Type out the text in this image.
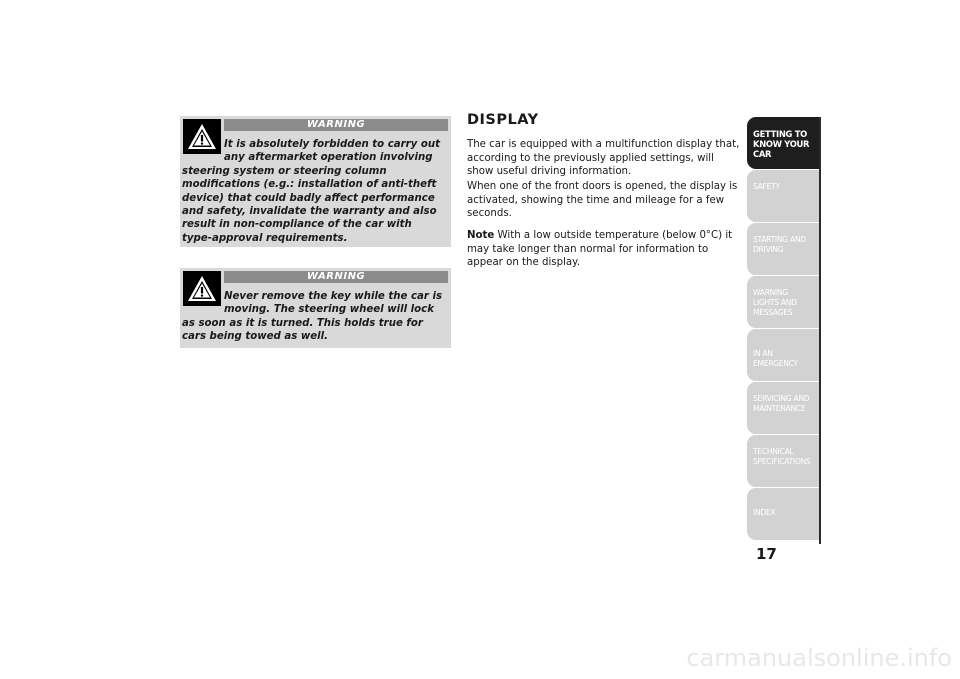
WARNING

It is absolutely forbidden to carry out any aftermarket operation involving steering system or steering column modifications (e.g.: installation of anti-theft device) that could badly affect performance and safety, invalidate the warranty and also result in non-compliance of the car with type-approval requirements.

WARNING

Never remove the key while the car is moving. The steering wheel will lock as soon as it is turned. This holds true for cars being towed as well.

DISPLAY

The car is equipped with a multifunction display that, according to the previously applied settings, will show useful driving information.

When one of the front doors is opened, the display is activated, showing the time and mileage for a few seconds.

Note With a low outside temperature (below 0°C) it may take longer than normal for information to appear on the display.

GETTING TO KNOW YOUR CAR
SAFETY
STARTING AND DRIVING
WARNING LIGHTS AND MESSAGES
IN AN EMERGENCY
SERVICING AND MAINTENANCE
TECHNICAL SPECIFICATIONS
INDEX

17

carmanualsonline.info
